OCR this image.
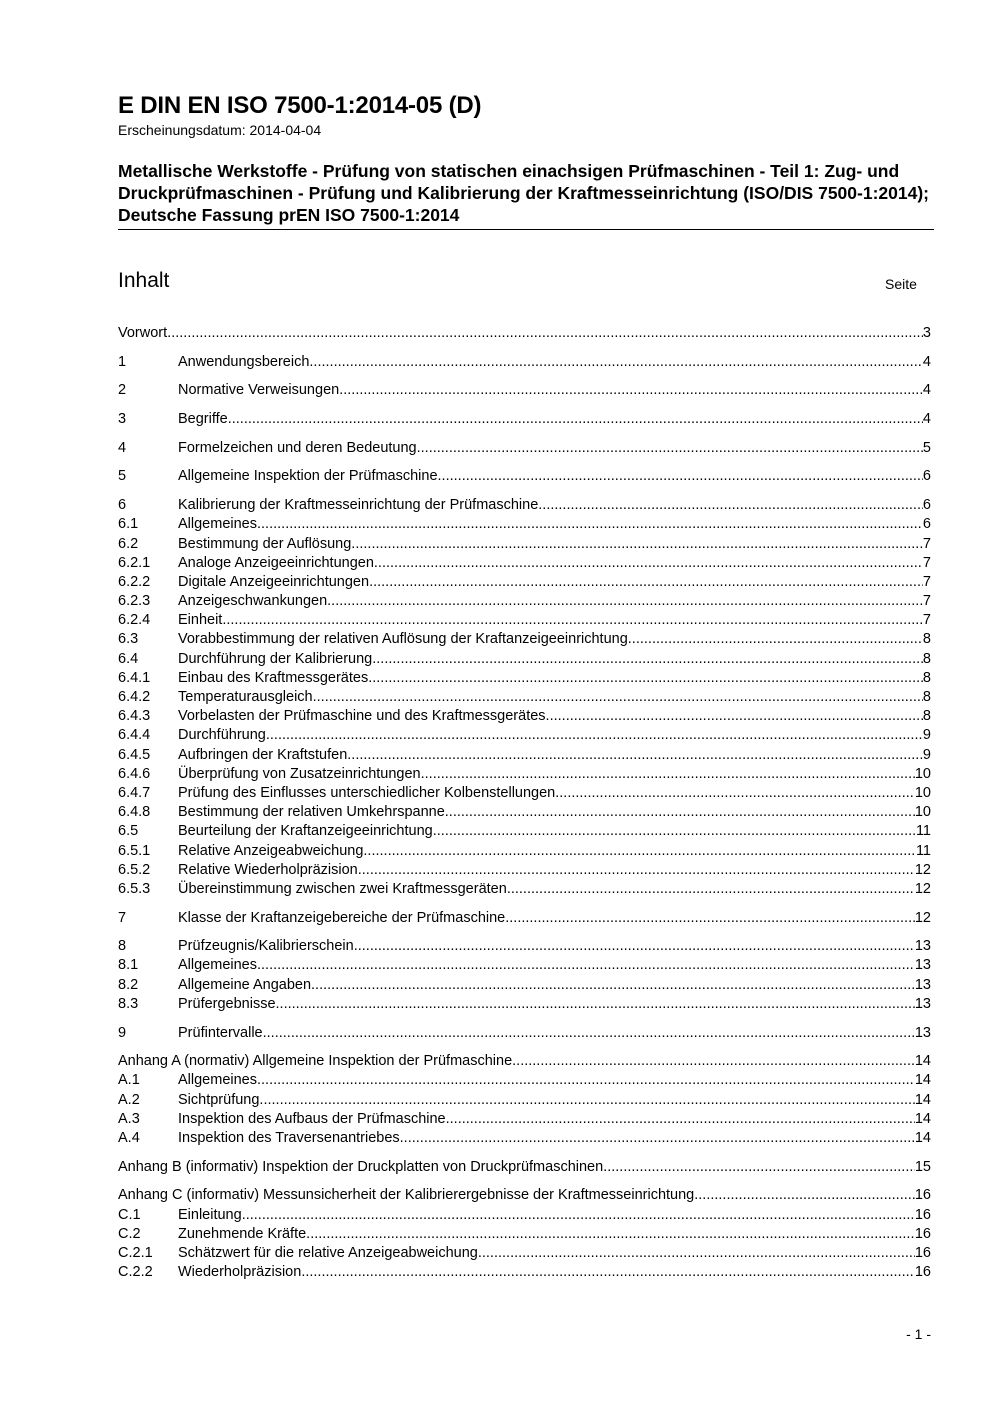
E DIN EN ISO 7500-1:2014-05 (D)
Erscheinungsdatum: 2014-04-04
Metallische Werkstoffe - Prüfung von statischen einachsigen Prüfmaschinen - Teil 1: Zug- und Druckprüfmaschinen - Prüfung und Kalibrierung der Kraftmesseinrichtung (ISO/DIS 7500-1:2014); Deutsche Fassung prEN ISO 7500-1:2014
Inhalt	Seite
Vorwort .....	3
1	Anwendungsbereich .....	4
2	Normative Verweisungen .....	4
3	Begriffe .....	4
4	Formelzeichen und deren Bedeutung .....	5
5	Allgemeine Inspektion der Prüfmaschine .....	6
6	Kalibrierung der Kraftmesseinrichtung der Prüfmaschine .....	6
6.1	Allgemeines .....	6
6.2	Bestimmung der Auflösung .....	7
6.2.1	Analoge Anzeigeeinrichtungen .....	7
6.2.2	Digitale Anzeigeeinrichtungen .....	7
6.2.3	Anzeigeschwankungen .....	7
6.2.4	Einheit .....	7
6.3	Vorabbestimmung der relativen Auflösung der Kraftanzeigeeinrichtung .....	8
6.4	Durchführung der Kalibrierung .....	8
6.4.1	Einbau des Kraftmessgerätes .....	8
6.4.2	Temperaturausgleich .....	8
6.4.3	Vorbelasten der Prüfmaschine und des Kraftmessgerätes .....	8
6.4.4	Durchführung .....	9
6.4.5	Aufbringen der Kraftstufen .....	9
6.4.6	Überprüfung von Zusatzeinrichtungen .....	10
6.4.7	Prüfung des Einflusses unterschiedlicher Kolbenstellungen .....	10
6.4.8	Bestimmung der relativen Umkehrspanne .....	10
6.5	Beurteilung der Kraftanzeigeeinrichtung .....	11
6.5.1	Relative Anzeigeabweichung .....	11
6.5.2	Relative Wiederholpräzision .....	12
6.5.3	Übereinstimmung zwischen zwei Kraftmessgeräten .....	12
7	Klasse der Kraftanzeigebereiche der Prüfmaschine .....	12
8	Prüfzeugnis/Kalibrierschein .....	13
8.1	Allgemeines .....	13
8.2	Allgemeine Angaben .....	13
8.3	Prüfergebnisse .....	13
9	Prüfintervalle .....	13
Anhang A (normativ) Allgemeine Inspektion der Prüfmaschine .....	14
A.1	Allgemeines .....	14
A.2	Sichtprüfung .....	14
A.3	Inspektion des Aufbaus der Prüfmaschine .....	14
A.4	Inspektion des Traversenantriebes .....	14
Anhang B (informativ) Inspektion der Druckplatten von Druckprüfmaschinen .....	15
Anhang C (informativ) Messunsicherheit der Kalibrierergebnisse der Kraftmesseinrichtung .....	16
C.1	Einleitung .....	16
C.2	Zunehmende Kräfte .....	16
C.2.1	Schätzwert für die relative Anzeigeabweichung .....	16
C.2.2	Wiederholpräzision .....	16
- 1 -
